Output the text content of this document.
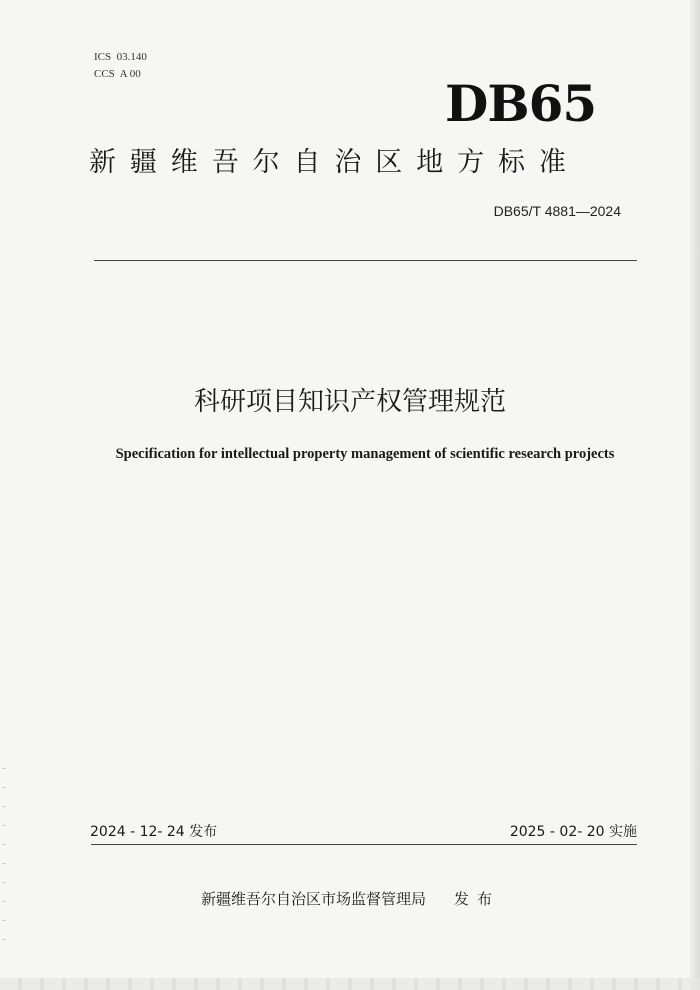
ICS  03.140
CCS  A 00	DB65
新疆维吾尔自治区地方标准
DB65/T 4881—2024
科研项目知识产权管理规范
Specification for intellectual property management of scientific research projects
2024 - 12- 24 发布	2025 - 02- 20 实施
新疆维吾尔自治区市场监督管理局 发布
